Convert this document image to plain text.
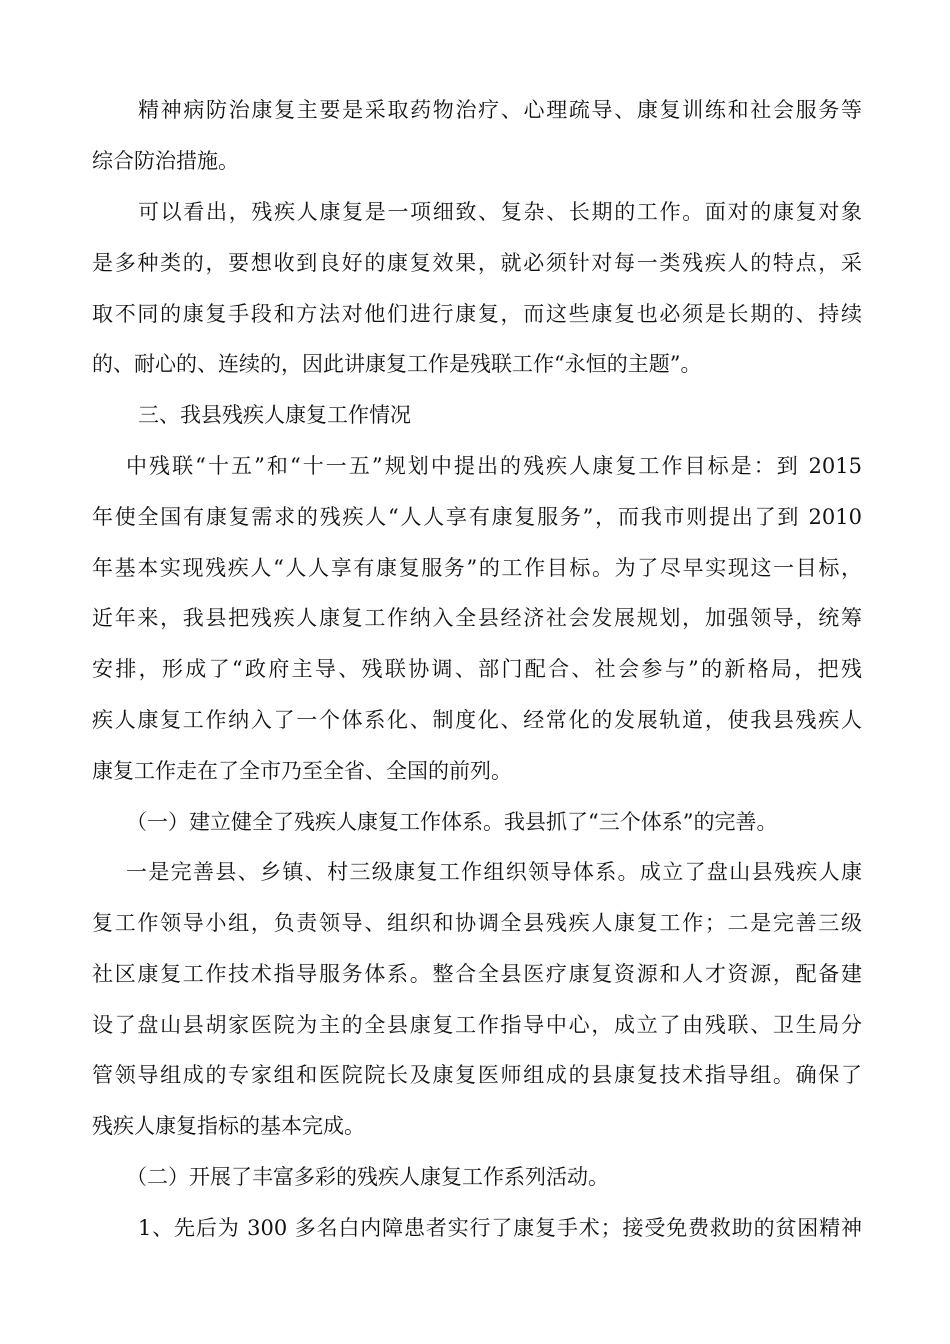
精神病防治康复主要是采取药物治疗、心理疏导、康复训练和社会服务等
综合防治措施。
可以看出，残疾人康复是一项细致、复杂、长期的工作。面对的康复对象
是多种类的，要想收到良好的康复效果，就必须针对每一类残疾人的特点，采
取不同的康复手段和方法对他们进行康复，而这些康复也必须是长期的、持续
的、耐心的、连续的，因此讲康复工作是残联工作“永恒的主题”。
三、我县残疾人康复工作情况
中残联“十五”和“十一五”规划中提出的残疾人康复工作目标是：到 2015
年使全国有康复需求的残疾人“人人享有康复服务”，而我市则提出了到 2010
年基本实现残疾人“人人享有康复服务”的工作目标。为了尽早实现这一目标，
近年来，我县把残疾人康复工作纳入全县经济社会发展规划，加强领导，统筹
安排，形成了“政府主导、残联协调、部门配合、社会参与”的新格局，把残
疾人康复工作纳入了一个体系化、制度化、经常化的发展轨道，使我县残疾人
康复工作走在了全市乃至全省、全国的前列。
（一）建立健全了残疾人康复工作体系。我县抓了“三个体系”的完善。
一是完善县、乡镇、村三级康复工作组织领导体系。成立了盘山县残疾人康
复工作领导小组，负责领导、组织和协调全县残疾人康复工作；二是完善三级
社区康复工作技术指导服务体系。整合全县医疗康复资源和人才资源，配备建
设了盘山县胡家医院为主的全县康复工作指导中心，成立了由残联、卫生局分
管领导组成的专家组和医院院长及康复医师组成的县康复技术指导组。确保了
残疾人康复指标的基本完成。
（二）开展了丰富多彩的残疾人康复工作系列活动。
1、先后为 300 多名白内障患者实行了康复手术；接受免费救助的贫困精神
